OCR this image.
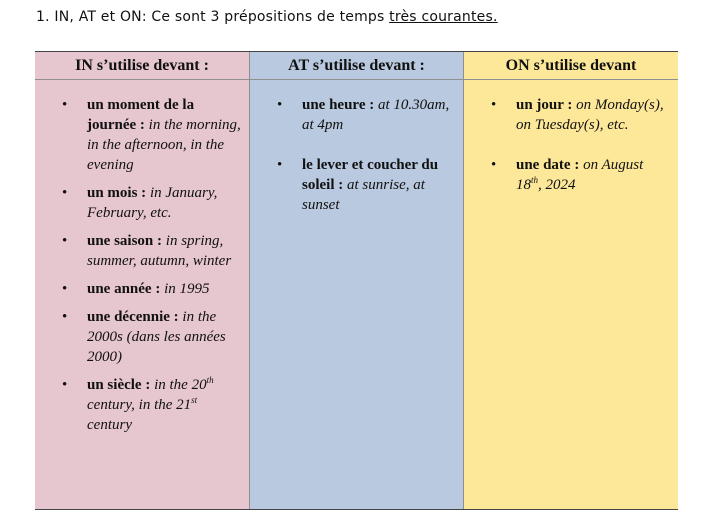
1. IN, AT et ON: Ce sont 3 prépositions de temps très courantes.
IN s’utilise devant :
• un moment de la journée : in the morning, in the afternoon, in the evening
• un mois : in January, February, etc.
• une saison : in spring, summer, autumn, winter
• une année : in 1995
• une décennie : in the 2000s (dans les années 2000)
• un siècle : in the 20th century, in the 21st century
AT s’utilise devant :
• une heure : at 10.30am, at 4pm
• le lever et coucher du soleil : at sunrise, at sunset
ON s’utilise devant
• un jour : on Monday(s), on Tuesday(s), etc.
• une date : on August 18th, 2024
